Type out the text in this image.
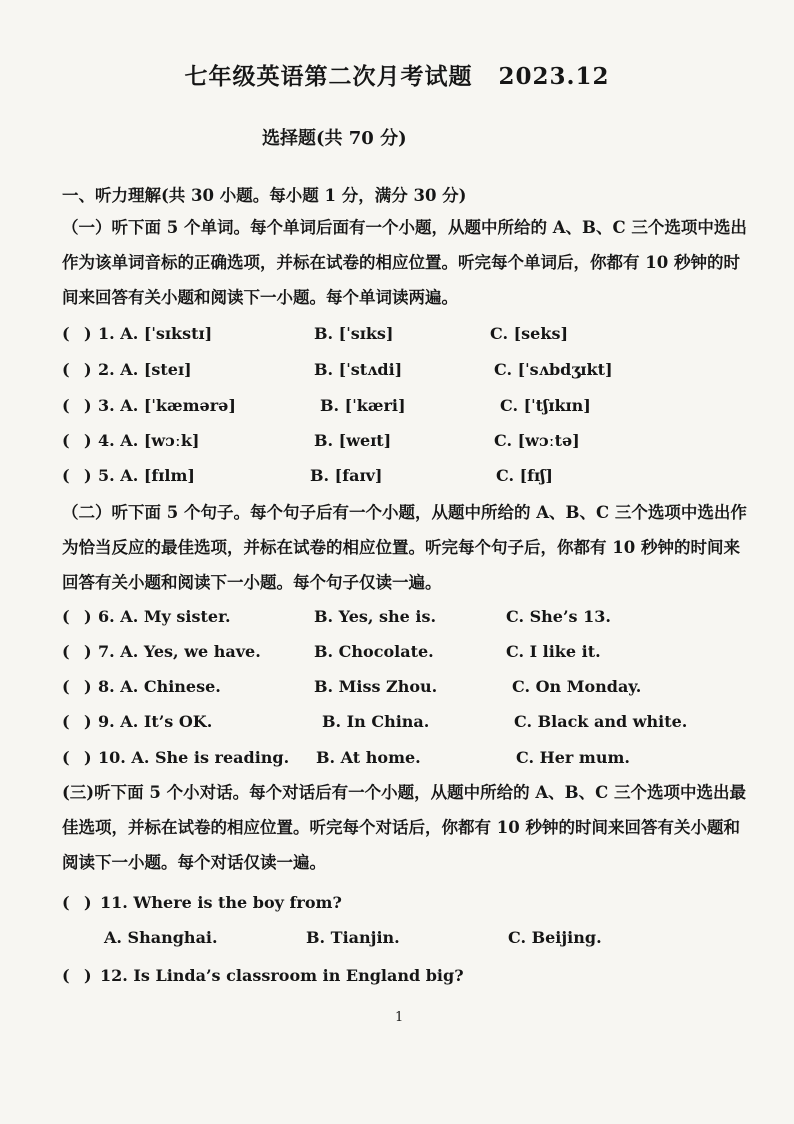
七年级英语第二次月考试题 2023.12
选择题(共 70 分)
一、听力理解(共 30 小题。每小题 1 分，满分 30 分)
（一）听下面 5 个单词。每个单词后面有一个小题，从题中所给的 A、B、C 三个选项中选出作为该单词音标的正确选项，并标在试卷的相应位置。听完每个单词后，你都有 10 秒钟的时间来回答有关小题和阅读下一小题。每个单词读两遍。
( ) 1. A. [ˈsɪkstɪ]	B. [ˈsɪks]	C. [seks]
( ) 2. A. [steɪ]	B. [ˈstʌdi]	C. [ˈsʌbdʒɪkt]
( ) 3. A. [ˈkæmərə]	B. [ˈkæri]	C. [ˈtʃɪkɪn]
( ) 4. A. [wɔːk]	B. [weɪt]	C. [wɔːtə]
( ) 5. A. [fɪlm]	B. [faɪv]	C. [fɪʃ]
（二）听下面 5 个句子。每个句子后有一个小题，从题中所给的 A、B、C 三个选项中选出作为恰当反应的最佳选项，并标在试卷的相应位置。听完每个句子后，你都有 10 秒钟的时间来回答有关小题和阅读下一小题。每个句子仅读一遍。
( ) 6. A. My sister.	B. Yes, she is.	C. She’s 13.
( ) 7. A. Yes, we have.	B. Chocolate.	C. I like it.
( ) 8. A. Chinese.	B. Miss Zhou.	C. On Monday.
( ) 9. A. It’s OK.	B. In China.	C. Black and white.
( ) 10. A. She is reading. B. At home.	C. Her mum.
(三)听下面 5 个小对话。每个对话后有一个小题，从题中所给的 A、B、C 三个选项中选出最佳选项，并标在试卷的相应位置。听完每个对话后，你都有 10 秒钟的时间来回答有关小题和阅读下一小题。每个对话仅读一遍。
( ) 11. Where is the boy from?
A. Shanghai.	B. Tianjin.	C. Beijing.
( ) 12. Is Linda’s classroom in England big?
1
